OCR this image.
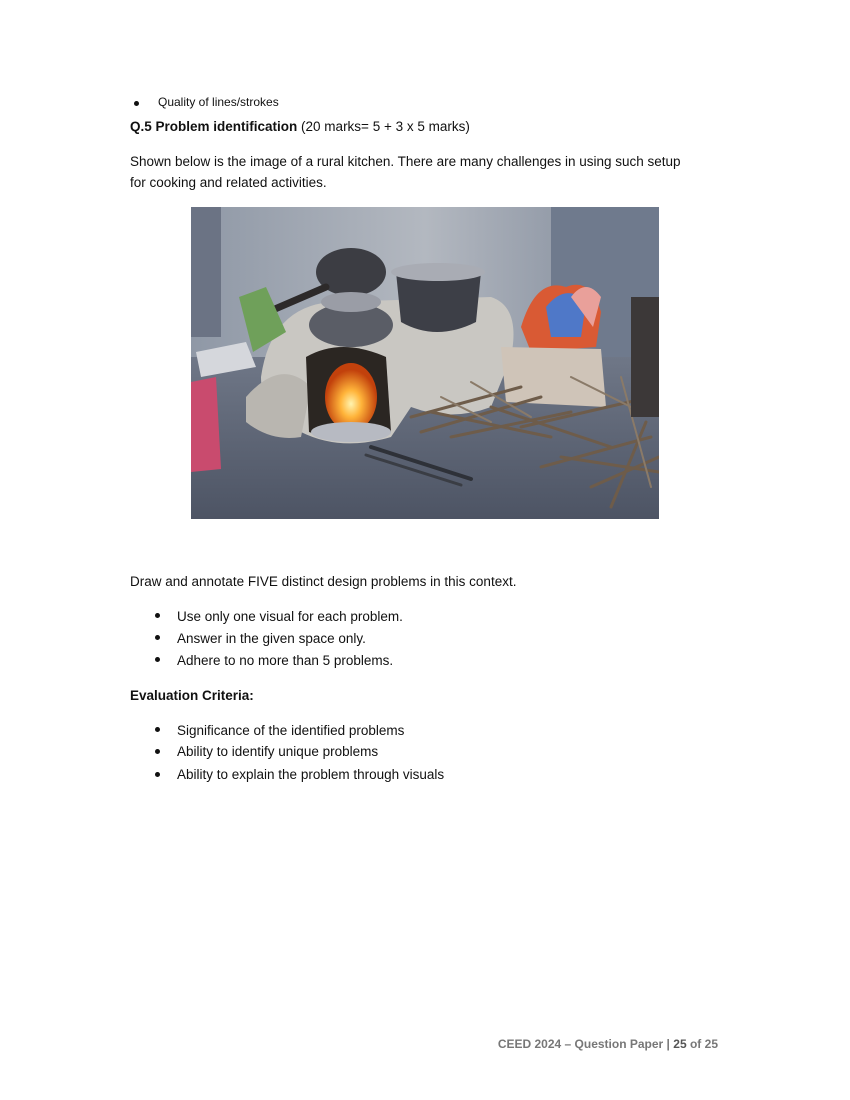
Quality of lines/strokes
Q.5 Problem identification (20 marks= 5 + 3 x 5 marks)
Shown below is the image of a rural kitchen. There are many challenges in using such setup
for cooking and related activities.
Draw and annotate FIVE distinct design problems in this context.
Use only one visual for each problem.
Answer in the given space only.
Adhere to no more than 5 problems.
Evaluation Criteria:
Significance of the identified problems
Ability to identify unique problems
Ability to explain the problem through visuals
CEED 2024 – Question Paper | 25 of 25
